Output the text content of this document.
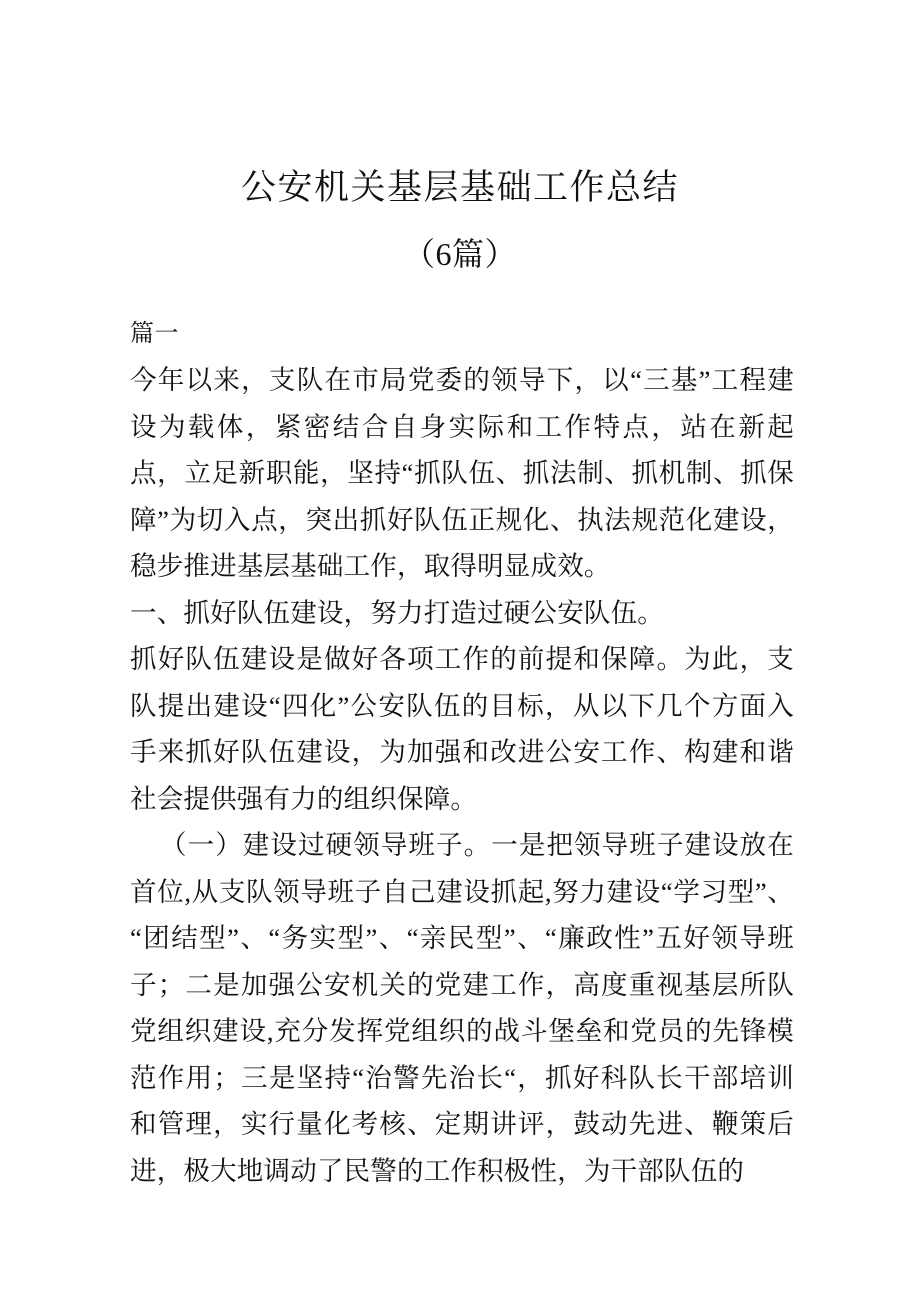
公安机关基层基础工作总结
（6篇）

篇一

今年以来，支队在市局党委的领导下，以“三基”工程建设为载体，紧密结合自身实际和工作特点，站在新起点，立足新职能，坚持“抓队伍、抓法制、抓机制、抓保障”为切入点，突出抓好队伍正规化、执法规范化建设，稳步推进基层基础工作，取得明显成效。

一、抓好队伍建设，努力打造过硬公安队伍。

抓好队伍建设是做好各项工作的前提和保障。为此，支队提出建设“四化”公安队伍的目标，从以下几个方面入手来抓好队伍建设，为加强和改进公安工作、构建和谐社会提供强有力的组织保障。

（一）建设过硬领导班子。一是把领导班子建设放在首位,从支队领导班子自己建设抓起,努力建设“学习型”、“团结型”、“务实型”、“亲民型”、“廉政性”五好领导班子；二是加强公安机关的党建工作，高度重视基层所队党组织建设,充分发挥党组织的战斗堡垒和党员的先锋模范作用；三是坚持“治警先治长“，抓好科队长干部培训和管理，实行量化考核、定期讲评，鼓动先进、鞭策后进，极大地调动了民警的工作积极性，为干部队伍的
